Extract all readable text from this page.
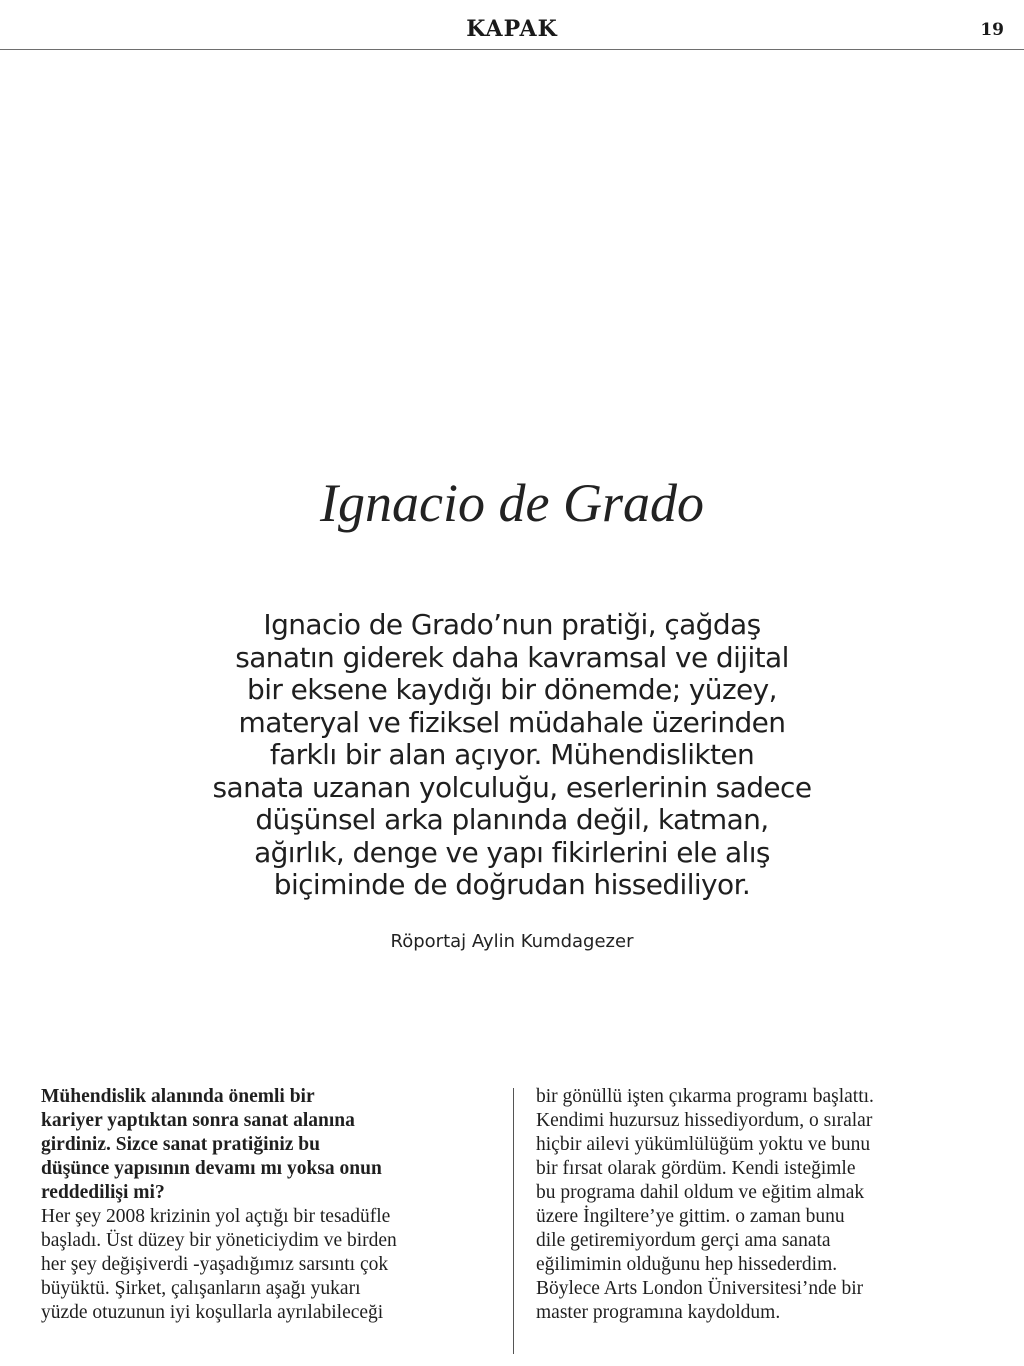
KAPAK	19
Ignacio de Grado
Ignacio de Grado’nun pratiği, çağdaş
sanatın giderek daha kavramsal ve dijital
bir eksene kaydığı bir dönemde; yüzey,
materyal ve fiziksel müdahale üzerinden
farklı bir alan açıyor. Mühendislikten
sanata uzanan yolculuğu, eserlerinin sadece
düşünsel arka planında değil, katman,
ağırlık, denge ve yapı fikirlerini ele alış
biçiminde de doğrudan hissediliyor.
Röportaj Aylin Kumdagezer
Mühendislik alanında önemli bir
kariyer yaptıktan sonra sanat alanına
girdiniz. Sizce sanat pratiğiniz bu
düşünce yapısının devamı mı yoksa onun
reddedilişi mi?
Her şey 2008 krizinin yol açtığı bir tesadüfle
başladı. Üst düzey bir yöneticiydim ve birden
her şey değişiverdi -yaşadığımız sarsıntı çok
büyüktü. Şirket, çalışanların aşağı yukarı
yüzde otuzunun iyi koşullarla ayrılabileceği
bir gönüllü işten çıkarma programı başlattı.
Kendimi huzursuz hissediyordum, o sıralar
hiçbir ailevi yükümlülüğüm yoktu ve bunu
bir fırsat olarak gördüm. Kendi isteğimle
bu programa dahil oldum ve eğitim almak
üzere İngiltere’ye gittim. o zaman bunu
dile getiremiyordum gerçi ama sanata
eğilimimin olduğunu hep hissederdim.
Böylece Arts London Üniversitesi’nde bir
master programına kaydoldum.
